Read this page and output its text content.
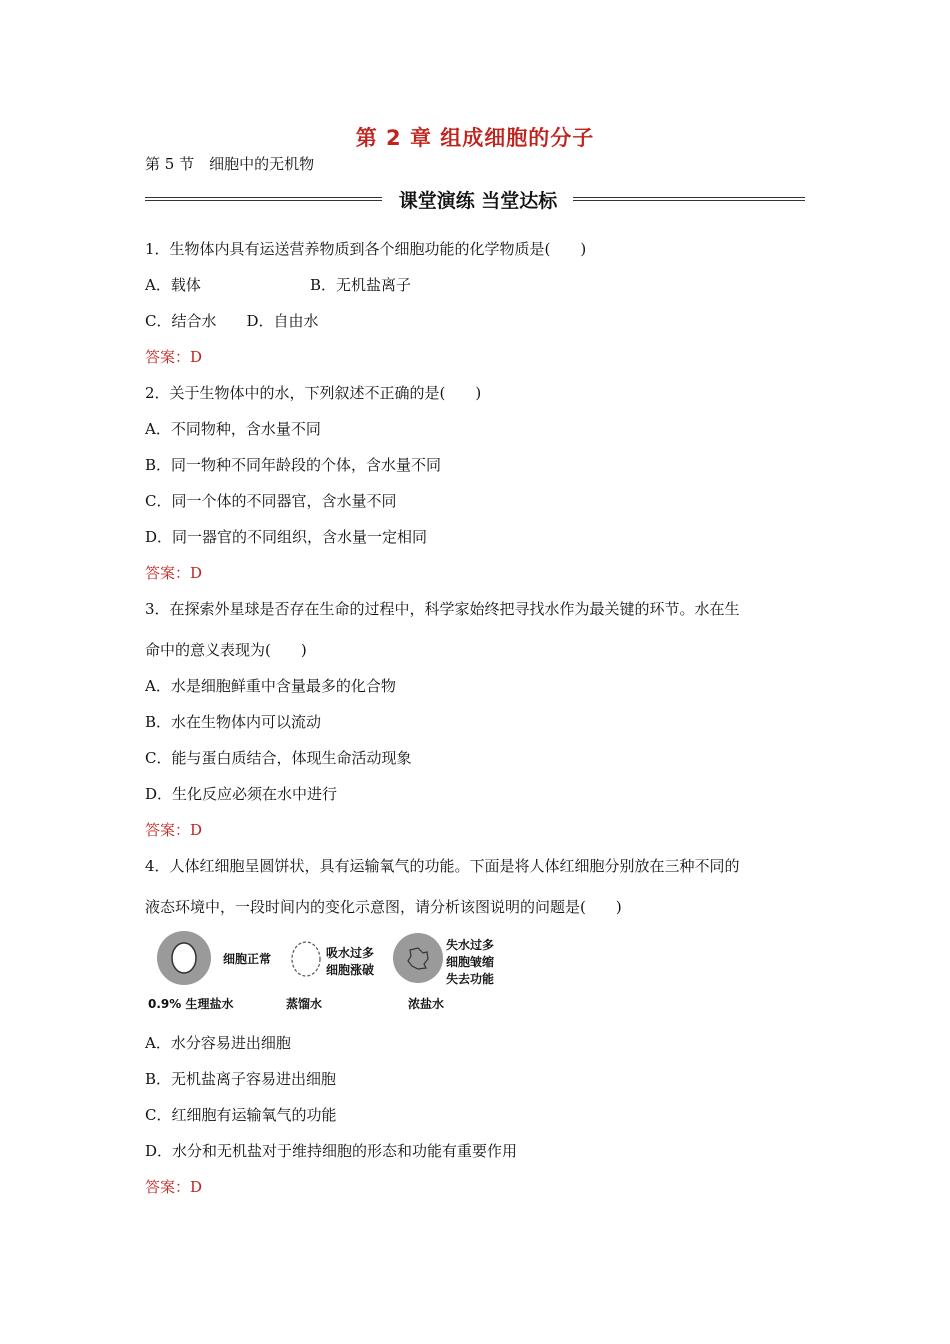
第 2 章 组成细胞的分子
第 5 节　细胞中的无机物
课堂演练 当堂达标
1．生物体内具有运送营养物质到各个细胞功能的化学物质是(　　)
A．载体	B．无机盐离子
C．结合水　　D．自由水
答案：D
2．关于生物体中的水，下列叙述不正确的是(　　)
A．不同物种，含水量不同
B．同一物种不同年龄段的个体，含水量不同
C．同一个体的不同器官，含水量不同
D．同一器官的不同组织，含水量一定相同
答案：D
3．在探索外星球是否存在生命的过程中，科学家始终把寻找水作为最关键的环节。水在生
命中的意义表现为(　　)
A．水是细胞鲜重中含量最多的化合物
B．水在生物体内可以流动
C．能与蛋白质结合，体现生命活动现象
D．生化反应必须在水中进行
答案：D
4．人体红细胞呈圆饼状，具有运输氧气的功能。下面是将人体红细胞分别放在三种不同的
液态环境中，一段时间内的变化示意图，请分析该图说明的问题是(　　)
细胞正常	吸水过多
细胞涨破
失水过多
细胞皱缩
失去功能
0.9% 生理盐水	蒸馏水	浓盐水
A．水分容易进出细胞
B．无机盐离子容易进出细胞
C．红细胞有运输氧气的功能
D．水分和无机盐对于维持细胞的形态和功能有重要作用
答案：D
